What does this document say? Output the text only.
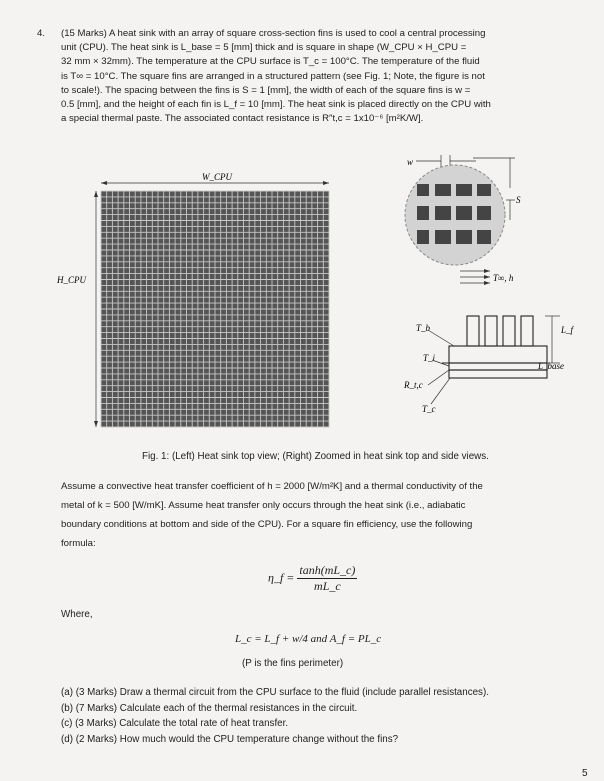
4. (15 Marks) A heat sink with an array of square cross-section fins is used to cool a central processing
unit (CPU). The heat sink is L_base = 5 [mm] thick and is square in shape (W_CPU × H_CPU =
32 mm × 32mm). The temperature at the CPU surface is T_c = 100°C. The temperature of the fluid
is T∞ = 10°C. The square fins are arranged in a structured pattern (see Fig. 1; Note, the figure is not
to scale!). The spacing between the fins is S = 1 [mm], the width of each of the square fins is w =
0.5 [mm], and the height of each fin is L_f = 10 [mm]. The heat sink is placed directly on the CPU with
a special thermal paste. The associated contact resistance is R″t,c = 1x10⁻⁶ [m²K/W].
W_CPU
H_CPU
w
S
T∞, h
L_f
L_base
T_b
T_i
R_t,c
T_c
Fig. 1: (Left) Heat sink top view; (Right) Zoomed in heat sink top and side views.
Assume a convective heat transfer coefficient of h = 2000 [W/m²K] and a thermal conductivity of the
metal of k = 500 [W/mK]. Assume heat transfer only occurs through the heat sink (i.e., adiabatic
boundary conditions at bottom and side of the CPU). For a square fin efficiency, use the following
formula:
η_f = $\frac{\tanh(mL\_c)}{mL\_c}$
Where,
L_c = L_f + w/4 and A_f = PL_c
(P is the fins perimeter)
(a) (3 Marks) Draw a thermal circuit from the CPU surface to the fluid (include parallel resistances).
(b) (7 Marks) Calculate each of the thermal resistances in the circuit.
(c) (3 Marks) Calculate the total rate of heat transfer.
(d) (2 Marks) How much would the CPU temperature change without the fins?
5
